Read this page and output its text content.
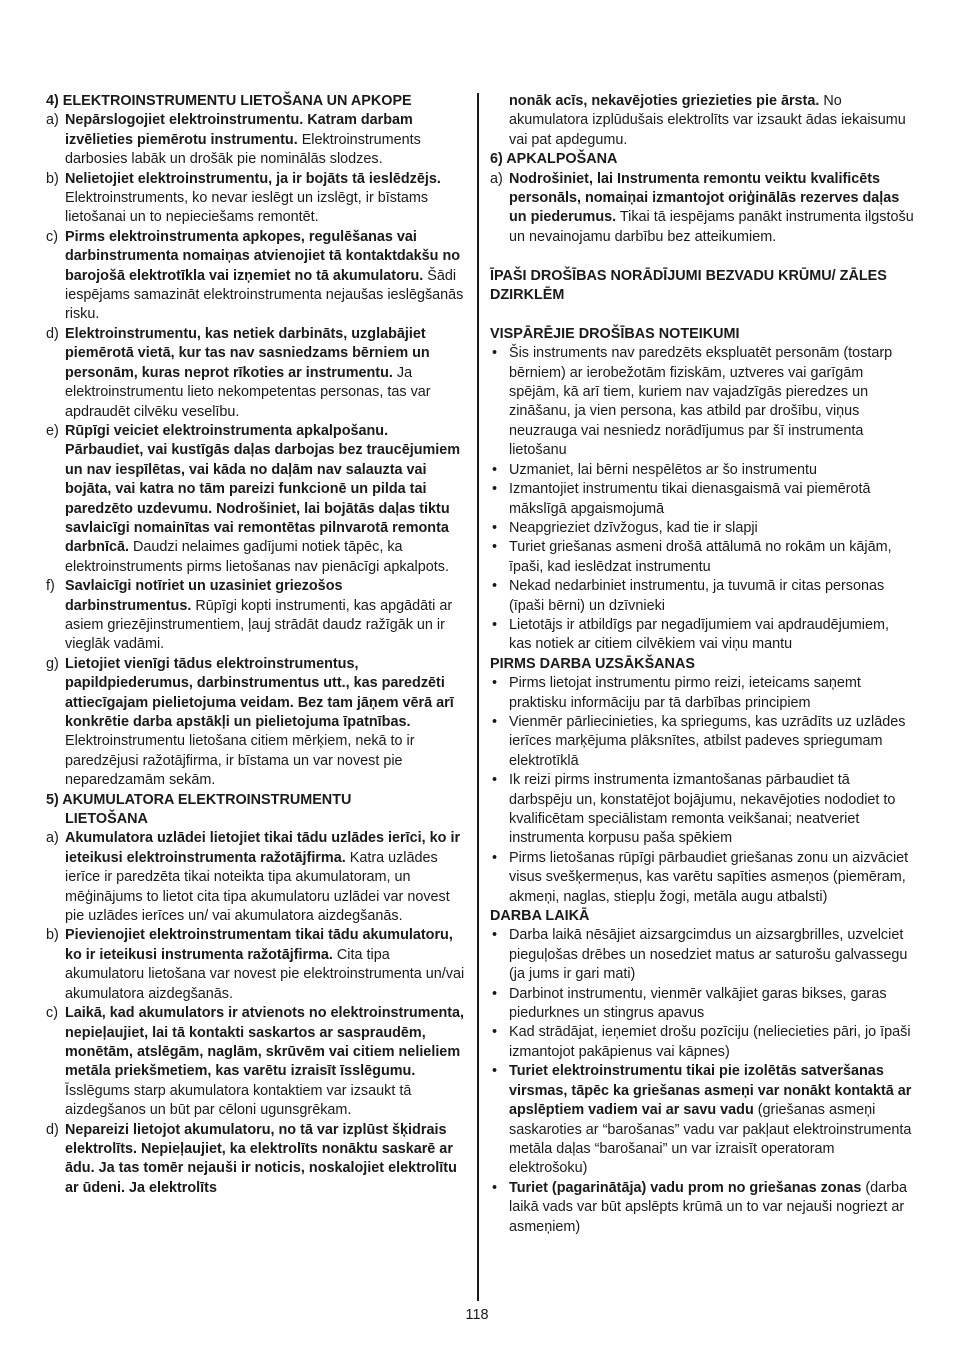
4) ELEKTROINSTRUMENTU LIETOŠANA UN APKOPE
a) Nepārslogojiet elektroinstrumentu. Katram darbam izvēlieties piemērotu instrumentu. Elektroinstruments darbosies labāk un drošāk pie nominālās slodzes.
b) Nelietojiet elektroinstrumentu, ja ir bojāts tā ieslēdzējs. Elektroinstruments, ko nevar ieslēgt un izslēgt, ir bīstams lietošanai un to nepieciešams remontēt.
c) Pirms elektroinstrumenta apkopes, regulēšanas vai darbinstrumenta nomaiņas atvienojiet tā kontaktdakšu no barojošā elektrotīkla vai izņemiet no tā akumulatoru. Šādi iespējams samazināt elektroinstrumenta nejaušas ieslēgšanās risku.
d) Elektroinstrumentu, kas netiek darbināts, uzglabājiet piemērotā vietā, kur tas nav sasniedzams bērniem un personām, kuras neprot rīkoties ar instrumentu. Ja elektroinstrumentu lieto nekompetentas personas, tas var apdraudēt cilvēku veselību.
e) Rūpīgi veiciet elektroinstrumenta apkalpošanu. Pārbaudiet, vai kustīgās daļas darbojas bez traucējumiem un nav iespīlētas, vai kāda no daļām nav salauzta vai bojāta, vai katra no tām pareizi funkcionē un pilda tai paredzēto uzdevumu. Nodrošiniet, lai bojātās daļas tiktu savlaicīgi nomainītas vai remontētas pilnvarotā remonta darbnīcā. Daudzi nelaimes gadījumi notiek tāpēc, ka elektroinstruments pirms lietošanas nav pienācīgi apkalpots.
f) Savlaicīgi notīriet un uzasiniet griezošos darbinstrumentus. Rūpīgi kopti instrumenti, kas apgādāti ar asiem griezējinstrumentiem, ļauj strādāt daudz ražīgāk un ir vieglāk vadāmi.
g) Lietojiet vienīgi tādus elektroinstrumentus, papildpiederumus, darbinstrumentus utt., kas paredzēti attiecīgajam pielietojuma veidam. Bez tam jāņem vērā arī konkrētie darba apstākļi un pielietojuma īpatnības. Elektroinstrumentu lietošana citiem mērķiem, nekā to ir paredzējusi ražotājfirma, ir bīstama un var novest pie neparedzamām sekām.
5) AKUMULATORA ELEKTROINSTRUMENTU
LIETOŠANA
a) Akumulatora uzlādei lietojiet tikai tādu uzlādes ierīci, ko ir ieteikusi elektroinstrumenta ražotājfirma. Katra uzlādes ierīce ir paredzēta tikai noteikta tipa akumulatoram, un mēģinājums to lietot cita tipa akumulatoru uzlādei var novest pie uzlādes ierīces un/ vai akumulatora aizdegšanās.
b) Pievienojiet elektroinstrumentam tikai tādu akumulatoru, ko ir ieteikusi instrumenta ražotājfirma. Cita tipa akumulatoru lietošana var novest pie elektroinstrumenta un/vai akumulatora aizdegšanās.
c) Laikā, kad akumulators ir atvienots no elektroinstrumenta, nepieļaujiet, lai tā kontakti saskartos ar saspraudēm, monētām, atslēgām, naglām, skrūvēm vai citiem nelieliem metāla priekšmetiem, kas varētu izraisīt īsslēgumu. Īsslēgums starp akumulatora kontaktiem var izsaukt tā aizdegšanos un būt par cēloni ugunsgrēkam.
d) Nepareizi lietojot akumulatoru, no tā var izplūst šķidrais elektrolīts. Nepieļaujiet, ka elektrolīts nonāktu saskarē ar ādu. Ja tas tomēr nejauši ir noticis, noskalojiet elektrolītu ar ūdeni. Ja elektrolīts
nonāk acīs, nekavējoties griezieties pie ārsta. No akumulatora izplūdušais elektrolīts var izsaukt ādas iekaisumu vai pat apdegumu.
6) APKALPOŠANA
a) Nodrošiniet, lai Instrumenta remontu veiktu kvalificēts personāls, nomaiņai izmantojot oriģinālās rezerves daļas un piederumus. Tikai tā iespējams panākt instrumenta ilgstošu un nevainojamu darbību bez atteikumiem.
ĪPAŠI DROŠĪBAS NORĀDĪJUMI BEZVADU KRŪMU/ ZĀLES DZIRKLĒM
VISPĀRĒJIE DROŠĪBAS NOTEIKUMI
• Šis instruments nav paredzēts ekspluatēt personām (tostarp bērniem) ar ierobežotām fiziskām, uztveres vai garīgām spējām, kā arī tiem, kuriem nav vajadzīgās pieredzes un zināšanu, ja vien persona, kas atbild par drošību, viņus neuzrauga vai nesniedz norādījumus par šī instrumenta lietošanu
• Uzmaniet, lai bērni nespēlētos ar šo instrumentu
• Izmantojiet instrumentu tikai dienasgaismā vai piemērotā mākslīgā apgaismojumā
• Neapgrieziet dzīvžogus, kad tie ir slapji
• Turiet griešanas asmeni drošā attālumā no rokām un kājām, īpaši, kad ieslēdzat instrumentu
• Nekad nedarbiniet instrumentu, ja tuvumā ir citas personas (īpaši bērni) un dzīvnieki
• Lietotājs ir atbildīgs par negadījumiem vai apdraudējumiem, kas notiek ar citiem cilvēkiem vai viņu mantu
PIRMS DARBA UZSĀKŠANAS
• Pirms lietojat instrumentu pirmo reizi, ieteicams saņemt praktisku informāciju par tā darbības principiem
• Vienmēr pārliecinieties, ka spriegums, kas uzrādīts uz uzlādes ierīces marķējuma plāksnītes, atbilst padeves spriegumam elektrotīklā
• Ik reizi pirms instrumenta izmantošanas pārbaudiet tā darbspēju un, konstatējot bojājumu, nekavējoties nododiet to kvalificētam speciālistam remonta veikšanai; neatveriet instrumenta korpusu paša spēkiem
• Pirms lietošanas rūpīgi pārbaudiet griešanas zonu un aizvāciet visus svešķermeņus, kas varētu sapīties asmeņos (piemēram, akmeņi, naglas, stiepļu žogi, metāla augu atbalsti)
DARBA LAIKĀ
• Darba laikā nēsājiet aizsargcimdus un aizsargbrilles, uzvelciet pieguļošas drēbes un nosedziet matus ar saturošu galvassegu (ja jums ir gari mati)
• Darbinot instrumentu, vienmēr valkājiet garas bikses, garas piedurknes un stingrus apavus
• Kad strādājat, ieņemiet drošu pozīciju (neliecieties pāri, jo īpaši izmantojot pakāpienus vai kāpnes)
• Turiet elektroinstrumentu tikai pie izolētās satveršanas virsmas, tāpēc ka griešanas asmeņi var nonākt kontaktā ar apslēptiem vadiem vai ar savu vadu (griešanas asmeņi saskaroties ar “barošanas” vadu var pakļaut elektroinstrumenta metāla daļas “barošanai” un var izraisīt operatoram elektrošoku)
• Turiet (pagarinātāja) vadu prom no griešanas zonas (darba laikā vads var būt apslēpts krūmā un to var nejauši nogriezt ar asmeņiem)
118
